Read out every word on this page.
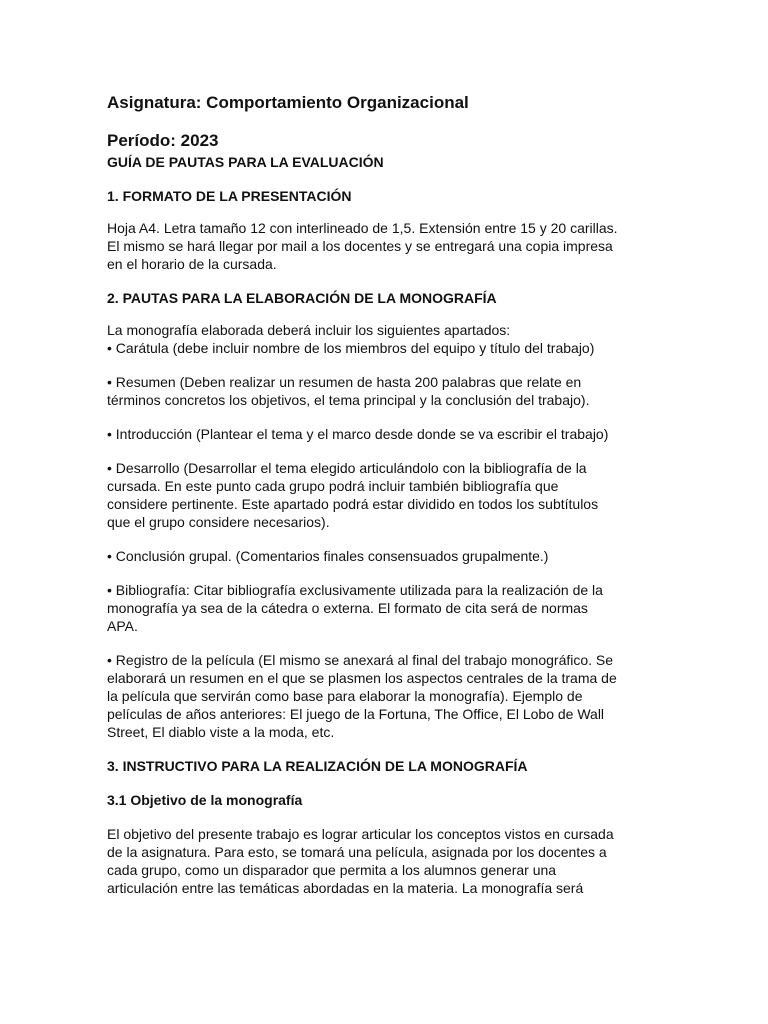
Asignatura: Comportamiento Organizacional
Período: 2023
GUÍA DE PAUTAS PARA LA EVALUACIÓN
1. FORMATO DE LA PRESENTACIÓN
Hoja A4. Letra tamaño 12 con interlineado de 1,5. Extensión entre 15 y 20 carillas.
El mismo se hará llegar por mail a los docentes y se entregará una copia impresa
en el horario de la cursada.
2. PAUTAS PARA LA ELABORACIÓN DE LA MONOGRAFÍA
La monografía elaborada deberá incluir los siguientes apartados:
• Carátula (debe incluir nombre de los miembros del equipo y título del trabajo)
• Resumen (Deben realizar un resumen de hasta 200 palabras que relate en
términos concretos los objetivos, el tema principal y la conclusión del trabajo).
• Introducción (Plantear el tema y el marco desde donde se va escribir el trabajo)
• Desarrollo (Desarrollar el tema elegido articulándolo con la bibliografía de la
cursada. En este punto cada grupo podrá incluir también bibliografía que
considere pertinente. Este apartado podrá estar dividido en todos los subtítulos
que el grupo considere necesarios).
• Conclusión grupal. (Comentarios finales consensuados grupalmente.)
• Bibliografía: Citar bibliografía exclusivamente utilizada para la realización de la
monografía ya sea de la cátedra o externa. El formato de cita será de normas
APA.
• Registro de la película (El mismo se anexará al final del trabajo monográfico. Se
elaborará un resumen en el que se plasmen los aspectos centrales de la trama de
la película que servirán como base para elaborar la monografía). Ejemplo de
películas de años anteriores: El juego de la Fortuna, The Office, El Lobo de Wall
Street, El diablo viste a la moda, etc.
3. INSTRUCTIVO PARA LA REALIZACIÓN DE LA MONOGRAFÍA
3.1 Objetivo de la monografía
El objetivo del presente trabajo es lograr articular los conceptos vistos en cursada
de la asignatura. Para esto, se tomará una película, asignada por los docentes a
cada grupo, como un disparador que permita a los alumnos generar una
articulación entre las temáticas abordadas en la materia. La monografía será
